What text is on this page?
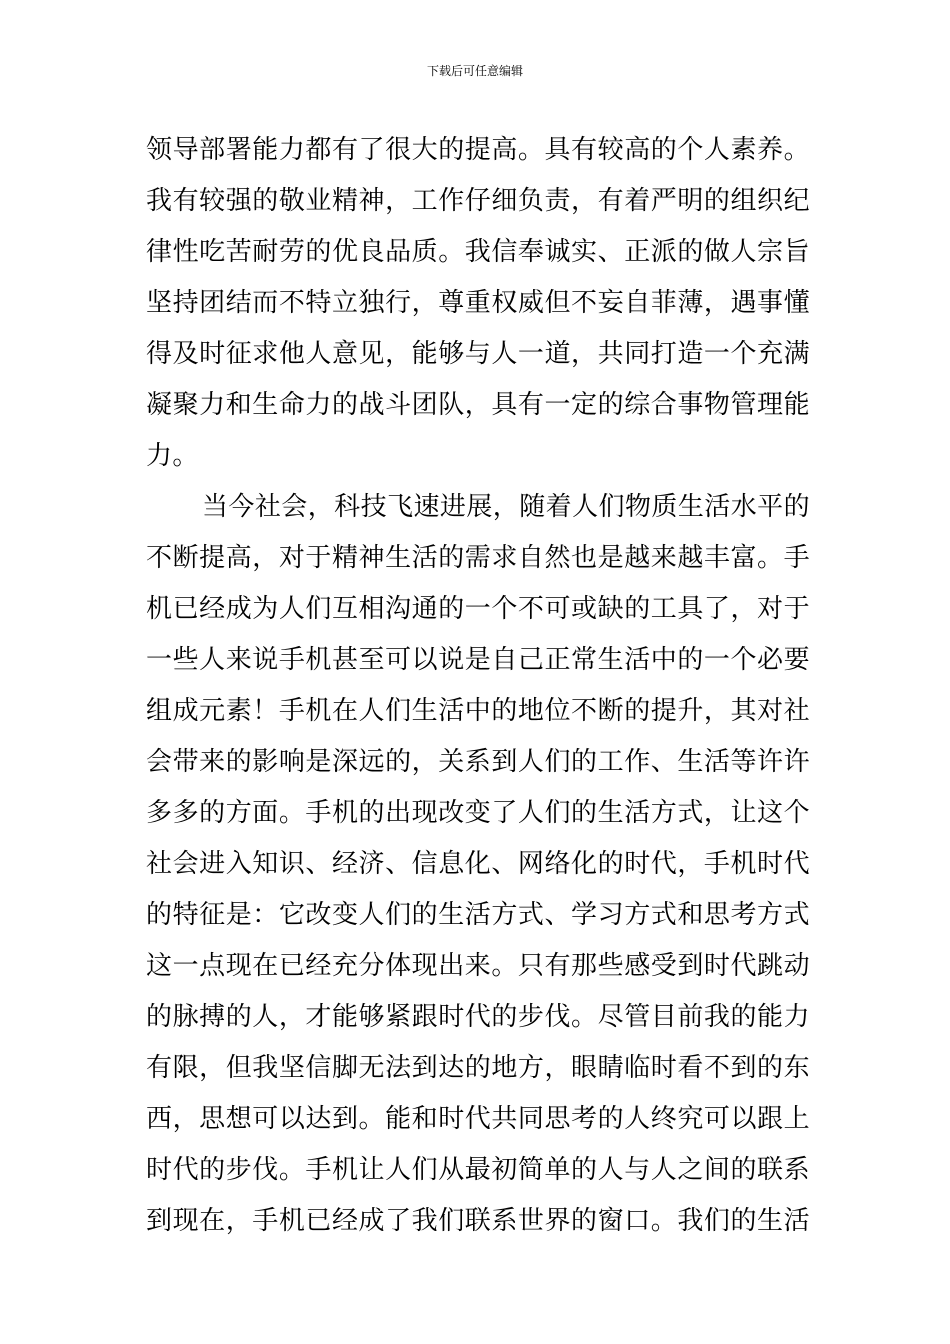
下载后可任意编辑
领导部署能力都有了很大的提高。具有较高的个人素养。
我有较强的敬业精神，工作仔细负责，有着严明的组织纪
律性吃苦耐劳的优良品质。我信奉诚实、正派的做人宗旨
坚持团结而不特立独行，尊重权威但不妄自菲薄，遇事懂
得及时征求他人意见，能够与人一道，共同打造一个充满
凝聚力和生命力的战斗团队，具有一定的综合事物管理能
力。
当今社会，科技飞速进展，随着人们物质生活水平的
不断提高，对于精神生活的需求自然也是越来越丰富。手
机已经成为人们互相沟通的一个不可或缺的工具了，对于
一些人来说手机甚至可以说是自己正常生活中的一个必要
组成元素！手机在人们生活中的地位不断的提升，其对社
会带来的影响是深远的，关系到人们的工作、生活等许许
多多的方面。手机的出现改变了人们的生活方式，让这个
社会进入知识、经济、信息化、网络化的时代，手机时代
的特征是：它改变人们的生活方式、学习方式和思考方式
这一点现在已经充分体现出来。只有那些感受到时代跳动
的脉搏的人，才能够紧跟时代的步伐。尽管目前我的能力
有限，但我坚信脚无法到达的地方，眼睛临时看不到的东
西，思想可以达到。能和时代共同思考的人终究可以跟上
时代的步伐。手机让人们从最初简单的人与人之间的联系
到现在，手机已经成了我们联系世界的窗口。我们的生活
